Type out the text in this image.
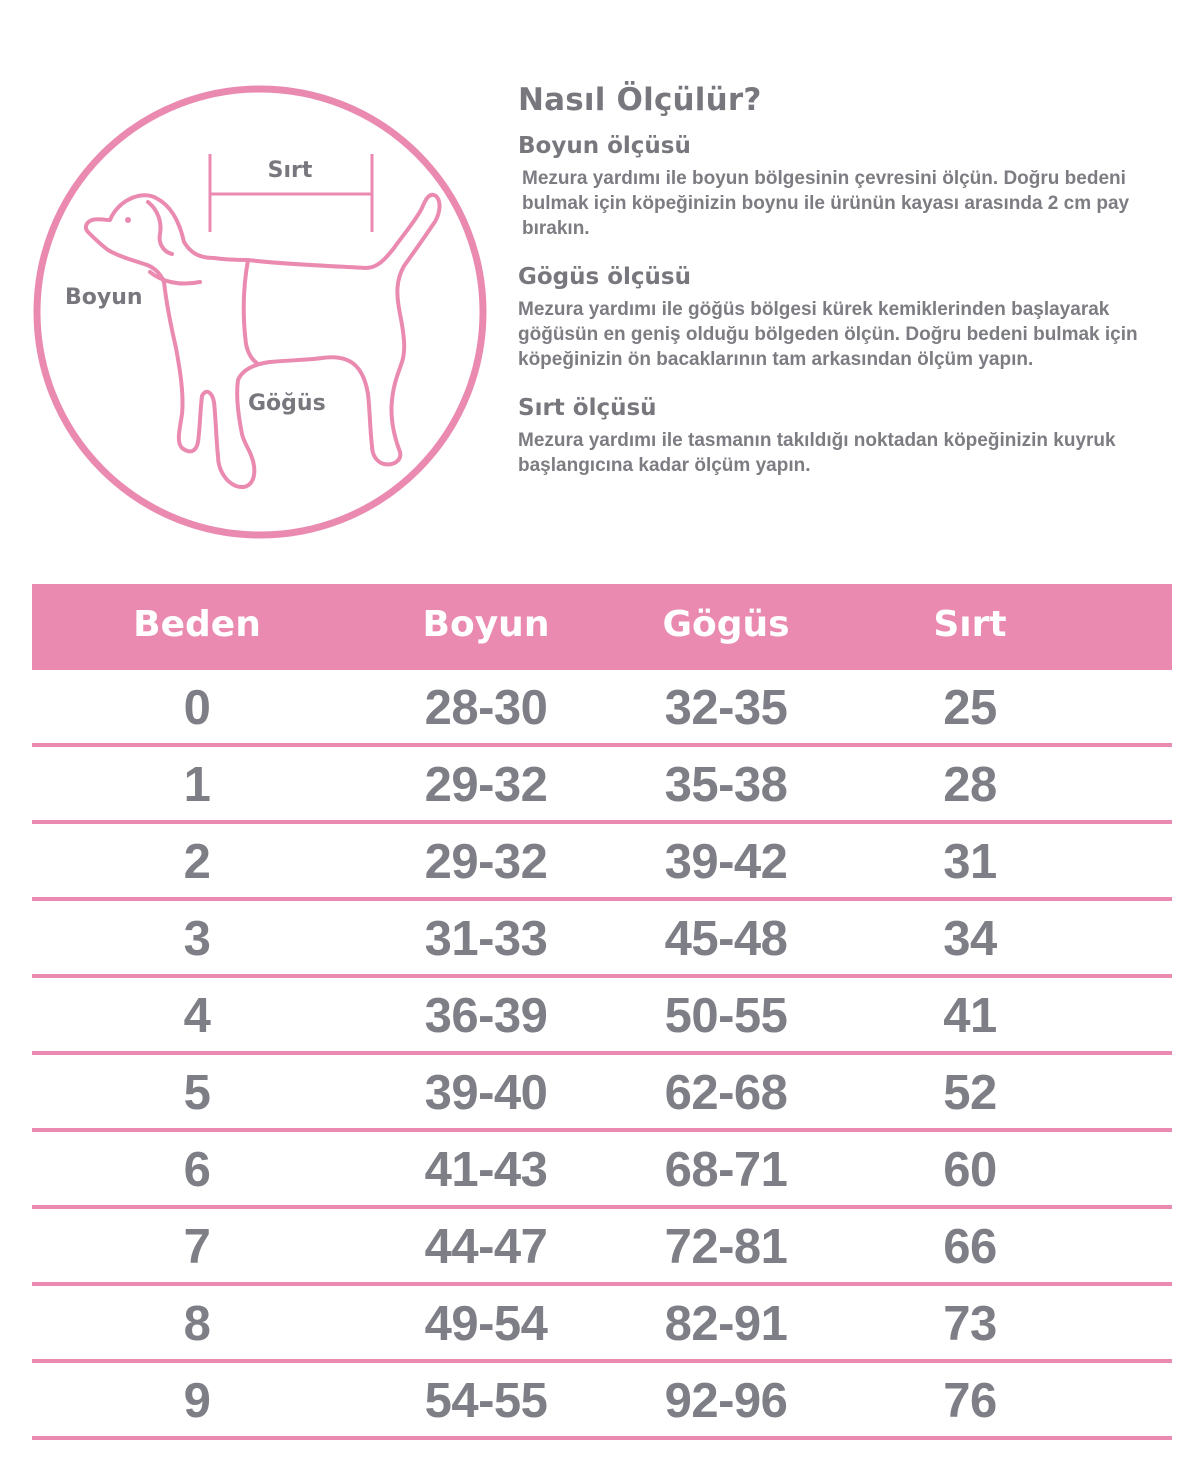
Sırt
Boyun
Göğüs
Nasıl Ölçülür?
Boyun ölçüsü

Mezura yardımı ile boyun bölgesinin çevresini ölçün. Doğru bedeni bulmak için köpeğinizin boynu ile ürünün kayası arasında 2 cm pay bırakın.

Gögüs ölçüsü

Mezura yardımı ile göğüs bölgesi kürek kemiklerinden başlayarak göğüsün en geniş olduğu bölgeden ölçün. Doğru bedeni bulmak için köpeğinizin ön bacaklarının tam arkasından ölçüm yapın.

Sırt ölçüsü

Mezura yardımı ile tasmanın takıldığı noktadan köpeğinizin kuyruk başlangıcına kadar ölçüm yapın.

Beden	Boyun	Gögüs	Sırt
0	28-30 32-35	25
1	29-32 35-38	28
2	29-32 39-42	31
3	31-33 45-48	34
4	36-39 50-55	41
5	39-40 62-68	52
6	41-43 68-71	60
7	44-47 72-81	66
8	49-54 82-91	73
9	54-55 92-96	76
